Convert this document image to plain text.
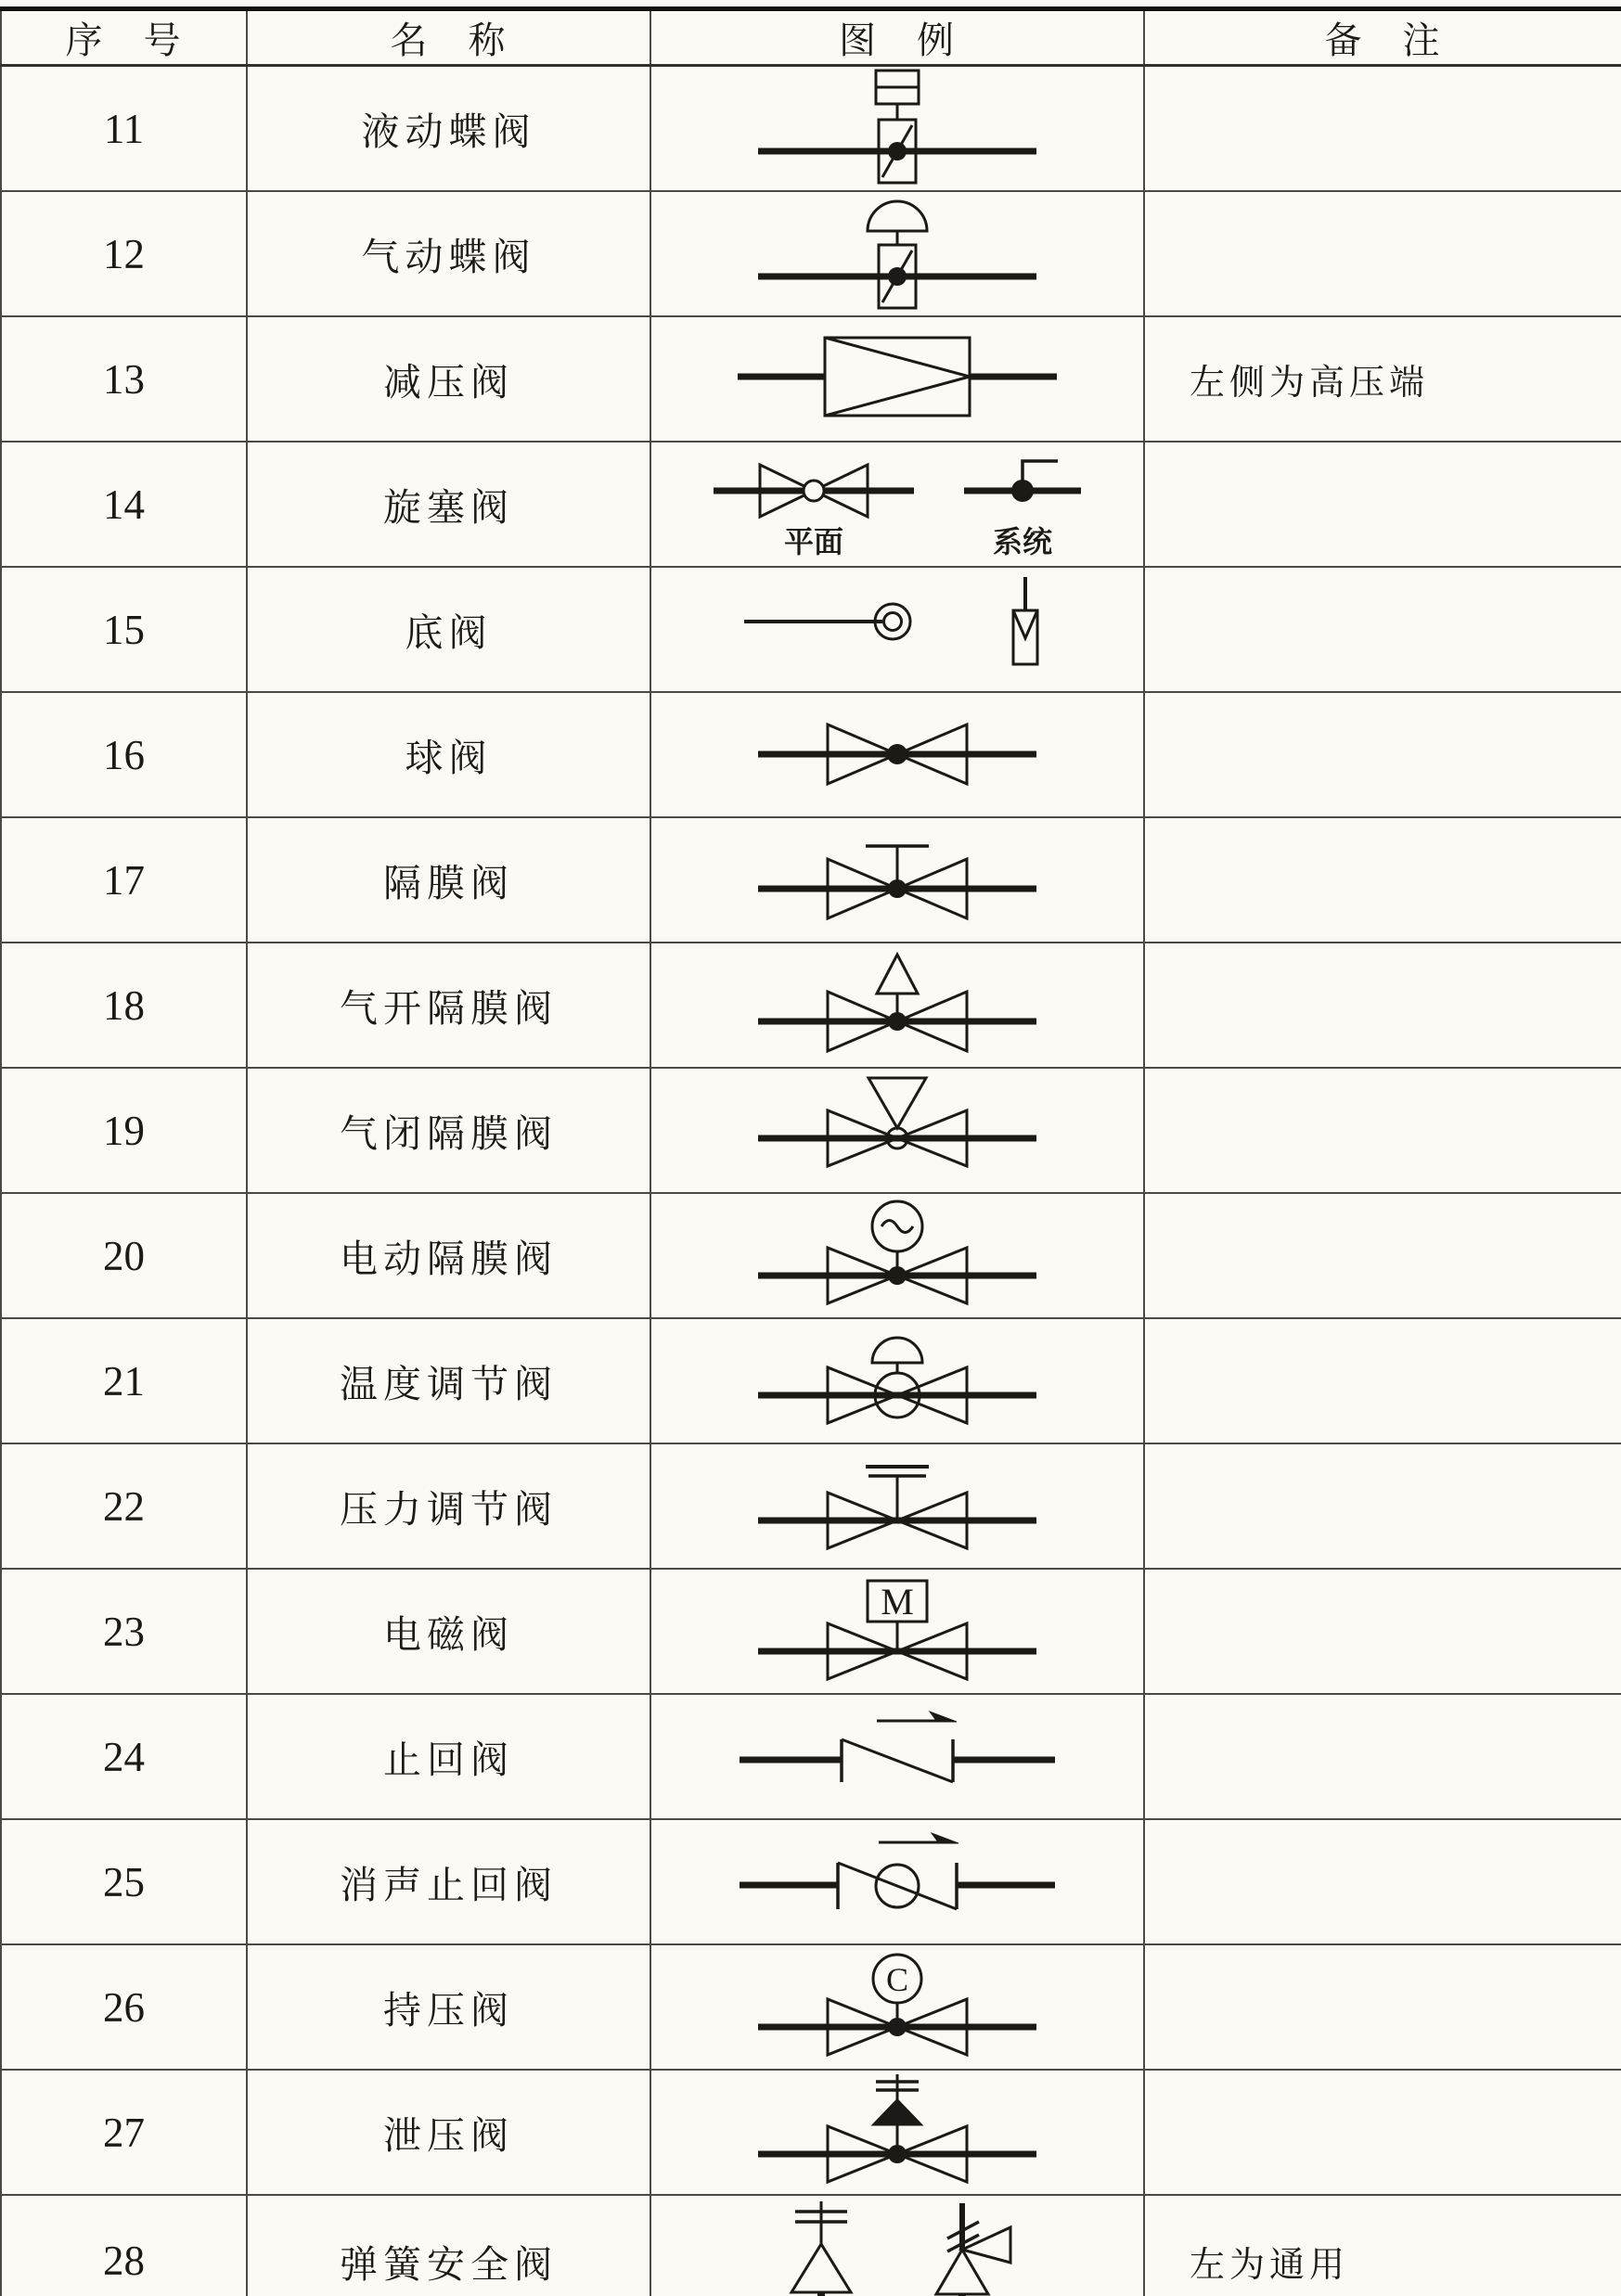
序　号	名　称	图　例	备　注
11	液动蝶阀	

12	气动蝶阀	

13	减压阀		左侧为高压端
14	旋塞阀	平面 系统	

15	底阀	

16	球阀	

17	隔膜阀	

18	气开隔膜阀	

19	气闭隔膜阀	

20	电动隔膜阀	

21	温度调节阀	

22	压力调节阀	

23	电磁阀	M	

24	止回阀	

25	消声止回阀	

26	持压阀	C	

27	泄压阀	

28	弹簧安全阀		左为通用
